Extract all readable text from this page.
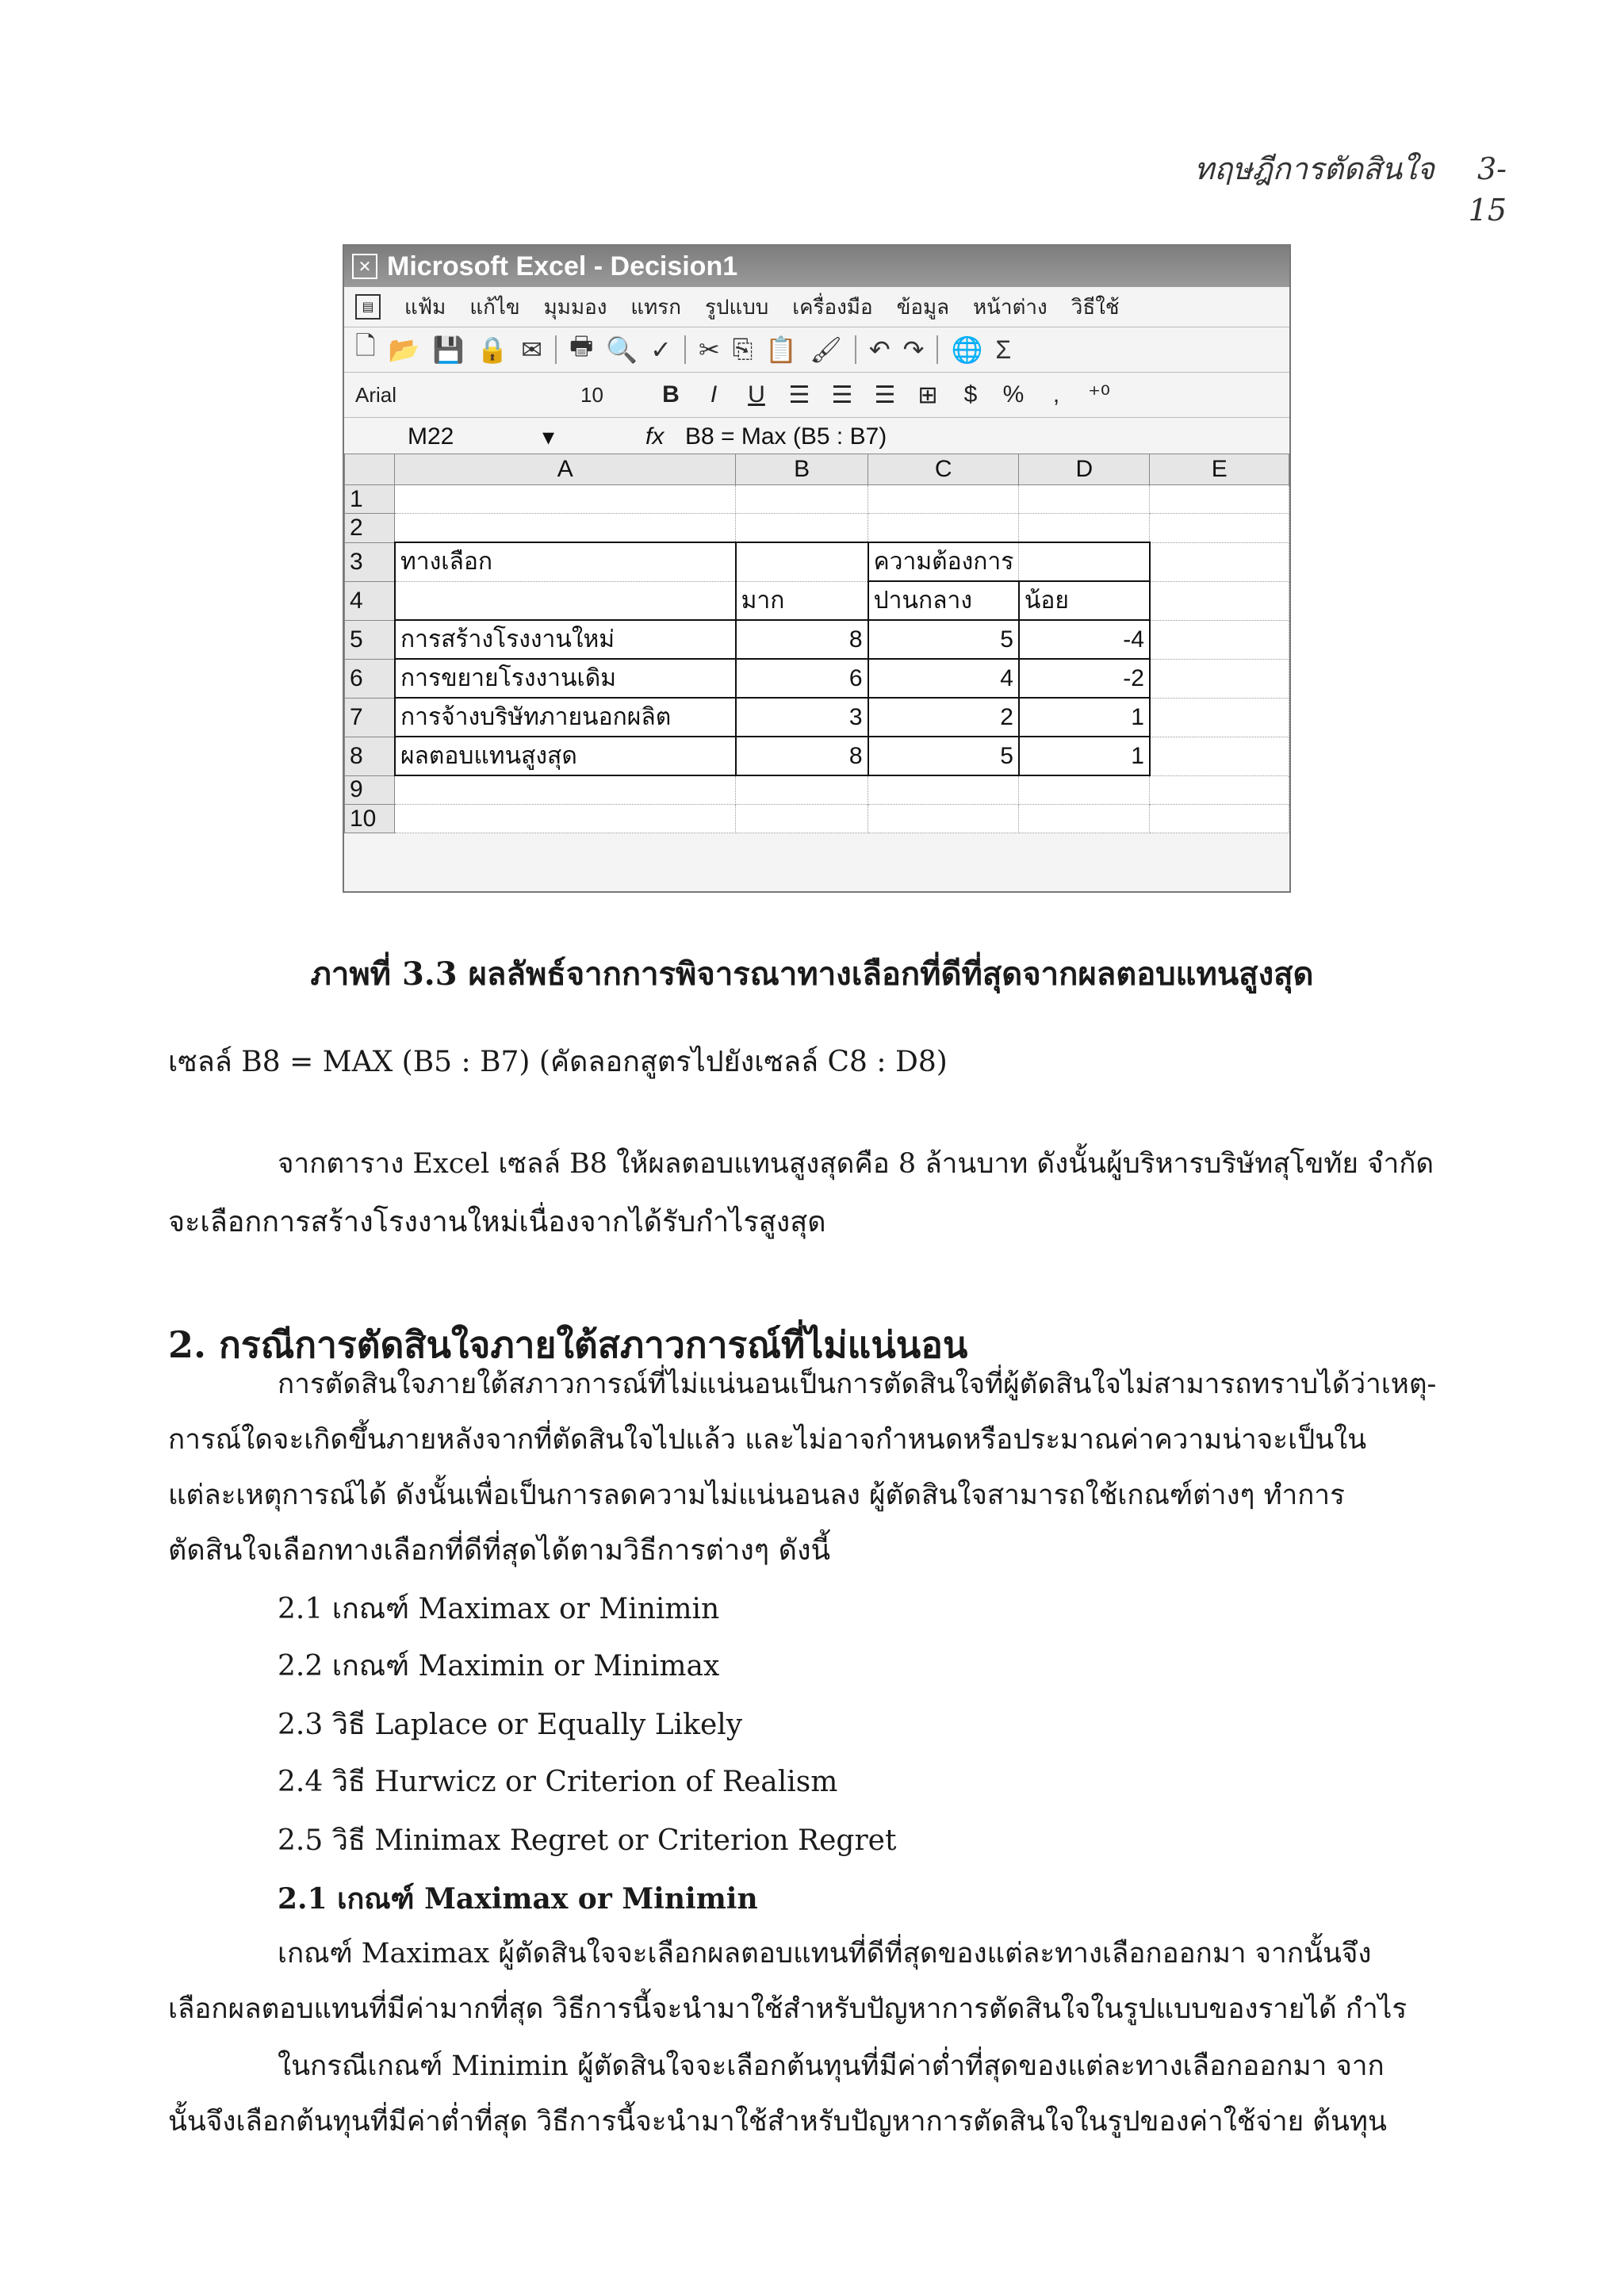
ทฤษฎีการตัดสินใจ 3-15
✕ Microsoft Excel - Decision1
▤	แฟ้ม แก้ไข มุมมอง แทรก รูปแบบ เครื่องมือ ข้อมูล หน้าต่าง วิธีใช้
🗋 📂 💾 🔒 ✉ 🖶 🔍 ✓ ✂ ⎘ 📋 🖌 ↶ ↷ 🌐 Σ
Arial	10	B	I	U ☰ ☰ ☰ ⊞	$	%	,	⁺⁰
M22	▾	fx B8 = Max (B5 : B7)
	A	B	C	D	E
1					
2					
3	ทางเลือก		ความต้องการ		
4		มาก	ปานกลาง	น้อย	
5	การสร้างโรงงานใหม่	8	5	-4	
6	การขยายโรงงานเดิม	6	4	-2	
7	การจ้างบริษัทภายนอกผลิต	3	2	1	
8	ผลตอบแทนสูงสุด	8	5	1	
9					
10					
ภาพที่ 3.3 ผลลัพธ์จากการพิจารณาทางเลือกที่ดีที่สุดจากผลตอบแทนสูงสุด
เซลล์ B8 = MAX (B5 : B7) (คัดลอกสูตรไปยังเซลล์ C8 : D8)
จากตาราง Excel เซลล์ B8 ให้ผลตอบแทนสูงสุดคือ 8 ล้านบาท ดังนั้นผู้บริหารบริษัทสุโขทัย จำกัด
จะเลือกการสร้างโรงงานใหม่เนื่องจากได้รับกำไรสูงสุด
2. กรณีการตัดสินใจภายใต้สภาวการณ์ที่ไม่แน่นอน
การตัดสินใจภายใต้สภาวการณ์ที่ไม่แน่นอนเป็นการตัดสินใจที่ผู้ตัดสินใจไม่สามารถทราบได้ว่าเหตุ-
การณ์ใดจะเกิดขึ้นภายหลังจากที่ตัดสินใจไปแล้ว และไม่อาจกำหนดหรือประมาณค่าความน่าจะเป็นใน
แต่ละเหตุการณ์ได้ ดังนั้นเพื่อเป็นการลดความไม่แน่นอนลง ผู้ตัดสินใจสามารถใช้เกณฑ์ต่างๆ ทำการ
ตัดสินใจเลือกทางเลือกที่ดีที่สุดได้ตามวิธีการต่างๆ ดังนี้
2.1 เกณฑ์ Maximax or Minimin
2.2 เกณฑ์ Maximin or Minimax
2.3 วิธี Laplace or Equally Likely
2.4 วิธี Hurwicz or Criterion of Realism
2.5 วิธี Minimax Regret or Criterion Regret
2.1 เกณฑ์ Maximax or Minimin
เกณฑ์ Maximax ผู้ตัดสินใจจะเลือกผลตอบแทนที่ดีที่สุดของแต่ละทางเลือกออกมา จากนั้นจึง
เลือกผลตอบแทนที่มีค่ามากที่สุด วิธีการนี้จะนำมาใช้สำหรับปัญหาการตัดสินใจในรูปแบบของรายได้ กำไร
ในกรณีเกณฑ์ Minimin ผู้ตัดสินใจจะเลือกต้นทุนที่มีค่าต่ำที่สุดของแต่ละทางเลือกออกมา จาก
นั้นจึงเลือกต้นทุนที่มีค่าต่ำที่สุด วิธีการนี้จะนำมาใช้สำหรับปัญหาการตัดสินใจในรูปของค่าใช้จ่าย ต้นทุน
